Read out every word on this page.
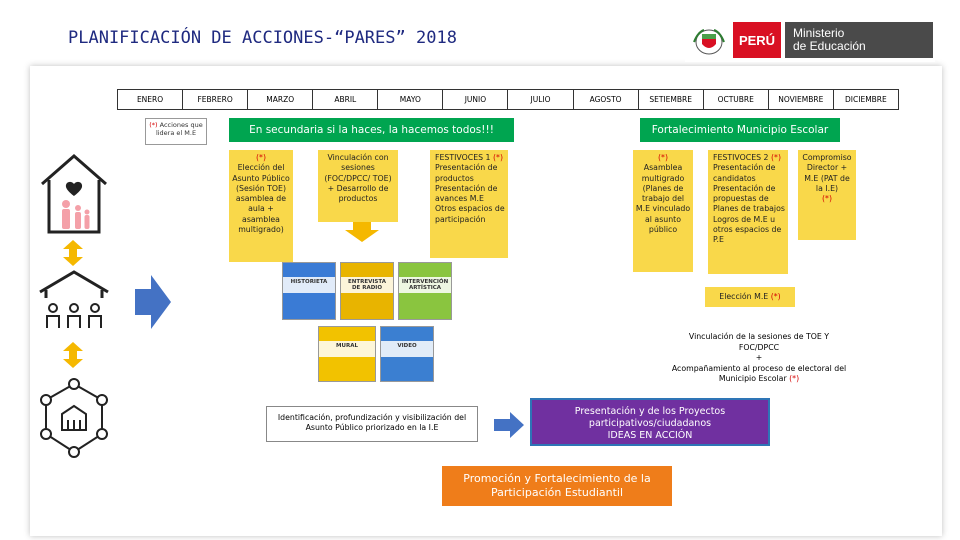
PLANIFICACIÓN DE ACCIONES-“PARES” 2018	PERÚ	Ministerio
de Educación
ENERO	FEBRERO	MARZO	ABRIL	MAYO	JUNIO	JULIO	AGOSTO	SETIEMBRE	OCTUBRE	NOVIEMBRE	DICIEMBRE
(*) Acciones que lidera el M.E	En secundaria si la haces, la hacemos todos!!!	Fortalecimiento Municipio Escolar
(*)
Elección del Asunto Público (Sesión TOE) asamblea de aula + asamblea multigrado)
Vinculación con sesiones (FOC/DPCC/ TOE) + Desarrollo de productos
FESTIVOCES 1 (*)
Presentación de productos Presentación de avances M.E Otros espacios de participación
(*)
Asamblea multigrado (Planes de trabajo del M.E vinculado al asunto público
FESTIVOCES 2 (*)
Presentación de candidatos Presentación de propuestas de Planes de trabajos Logros de M.E u otros espacios de P.E
Compromiso Director + M.E (PAT de la I.E)
(*)
Elección M.E (*)
HISTORIETA	ENTREVISTA DE RADIO
INTERVENCIÓN ARTÍSTICA
MURAL	VIDEO
Vinculación de la sesiones de TOE Y FOC/DPCC
+
Acompañamiento al proceso de electoral del Municipio Escolar (*)
Identificación, profundización y visibilización del Asunto Público priorizado en la I.E
Presentación y de los Proyectos participativos/ciudadanos
IDEAS EN ACCIÓN
Promoción y Fortalecimiento de la Participación Estudiantil
